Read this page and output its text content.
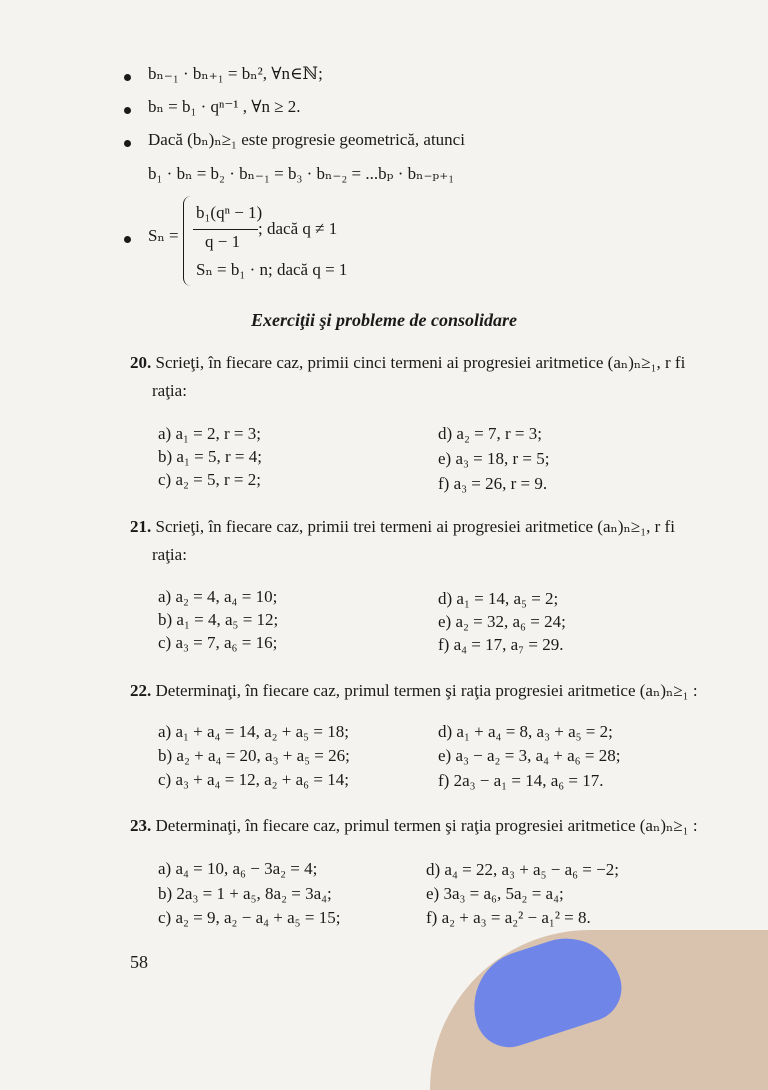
bₙ₋₁ · bₙ₊₁ = bₙ², ∀n∈ℕ;
bₙ = b₁ · qⁿ⁻¹ , ∀n ≥ 2.
Dacă (bₙ)ₙ≥₁ este progresie geometrică, atunci
b₁ · bₙ = b₂ · bₙ₋₁ = b₃ · bₙ₋₂ = ...bₚ · bₙ₋ₚ₊₁
Sₙ =
b₁(qⁿ − 1)
q − 1
; dacă q ≠ 1
Sₙ = b₁ · n; dacă q = 1
Exerciţii şi probleme de consolidare
20. Scrieţi, în fiecare caz, primii cinci termeni ai progresiei aritmetice (aₙ)ₙ≥₁, r fi
raţia:
a) a₁ = 2, r = 3;
b) a₁ = 5, r = 4;
c) a₂ = 5, r = 2;
d) a₂ = 7, r = 3;
e) a₃ = 18, r = 5;
f) a₃ = 26, r = 9.
21. Scrieţi, în fiecare caz, primii trei termeni ai progresiei aritmetice (aₙ)ₙ≥₁, r fi
raţia:
a) a₂ = 4, a₄ = 10;
b) a₁ = 4, a₅ = 12;
c) a₃ = 7, a₆ = 16;
d) a₁ = 14, a₅ = 2;
e) a₂ = 32, a₆ = 24;
f) a₄ = 17, a₇ = 29.
22. Determinaţi, în fiecare caz, primul termen şi raţia progresiei aritmetice (aₙ)ₙ≥₁ :
a) a₁ + a₄ = 14, a₂ + a₅ = 18;
b) a₂ + a₄ = 20, a₃ + a₅ = 26;
c) a₃ + a₄ = 12, a₂ + a₆ = 14;
d) a₁ + a₄ = 8, a₃ + a₅ = 2;
e) a₃ − a₂ = 3, a₄ + a₆ = 28;
f) 2a₃ − a₁ = 14, a₆ = 17.
23. Determinaţi, în fiecare caz, primul termen şi raţia progresiei aritmetice (aₙ)ₙ≥₁ :
a) a₄ = 10, a₆ − 3a₂ = 4;
b) 2a₃ = 1 + a₅, 8a₂ = 3a₄;
c) a₂ = 9, a₂ − a₄ + a₅ = 15;
d) a₄ = 22, a₃ + a₅ − a₆ = −2;
e) 3a₃ = a₆, 5a₂ = a₄;
f) a₂ + a₃ = a₂² − a₁² = 8.
58
